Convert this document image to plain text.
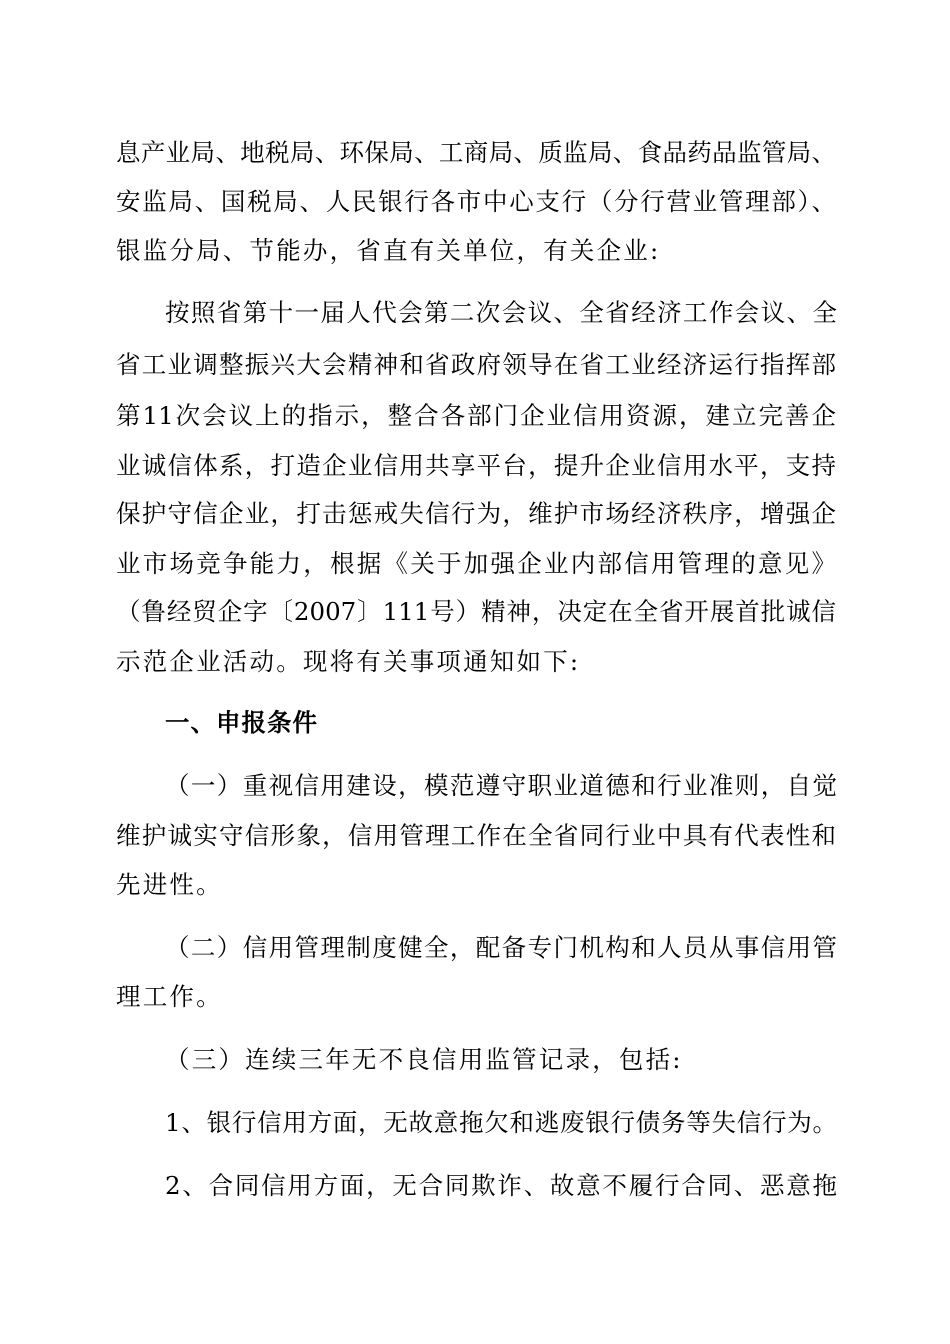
息产业局、地税局、环保局、工商局、质监局、食品药品监管局、
安监局、国税局、人民银行各市中心支行（分行营业管理部）、
银监分局、节能办，省直有关单位，有关企业:
按照省第十一届人代会第二次会议、全省经济工作会议、全
省工业调整振兴大会精神和省政府领导在省工业经济运行指挥部
第11次会议上的指示，整合各部门企业信用资源，建立完善企
业诚信体系，打造企业信用共享平台，提升企业信用水平，支持
保护守信企业，打击惩戒失信行为，维护市场经济秩序，增强企
业市场竞争能力，根据《关于加强企业内部信用管理的意见》
（鲁经贸企字〔2007〕111号）精神，决定在全省开展首批诚信
示范企业活动。现将有关事项通知如下:
一、申报条件
（一）重视信用建设，模范遵守职业道德和行业准则，自觉
维护诚实守信形象，信用管理工作在全省同行业中具有代表性和
先进性。
（二）信用管理制度健全，配备专门机构和人员从事信用管
理工作。
（三）连续三年无不良信用监管记录，包括:
1、银行信用方面，无故意拖欠和逃废银行债务等失信行为。
2、合同信用方面，无合同欺诈、故意不履行合同、恶意拖
